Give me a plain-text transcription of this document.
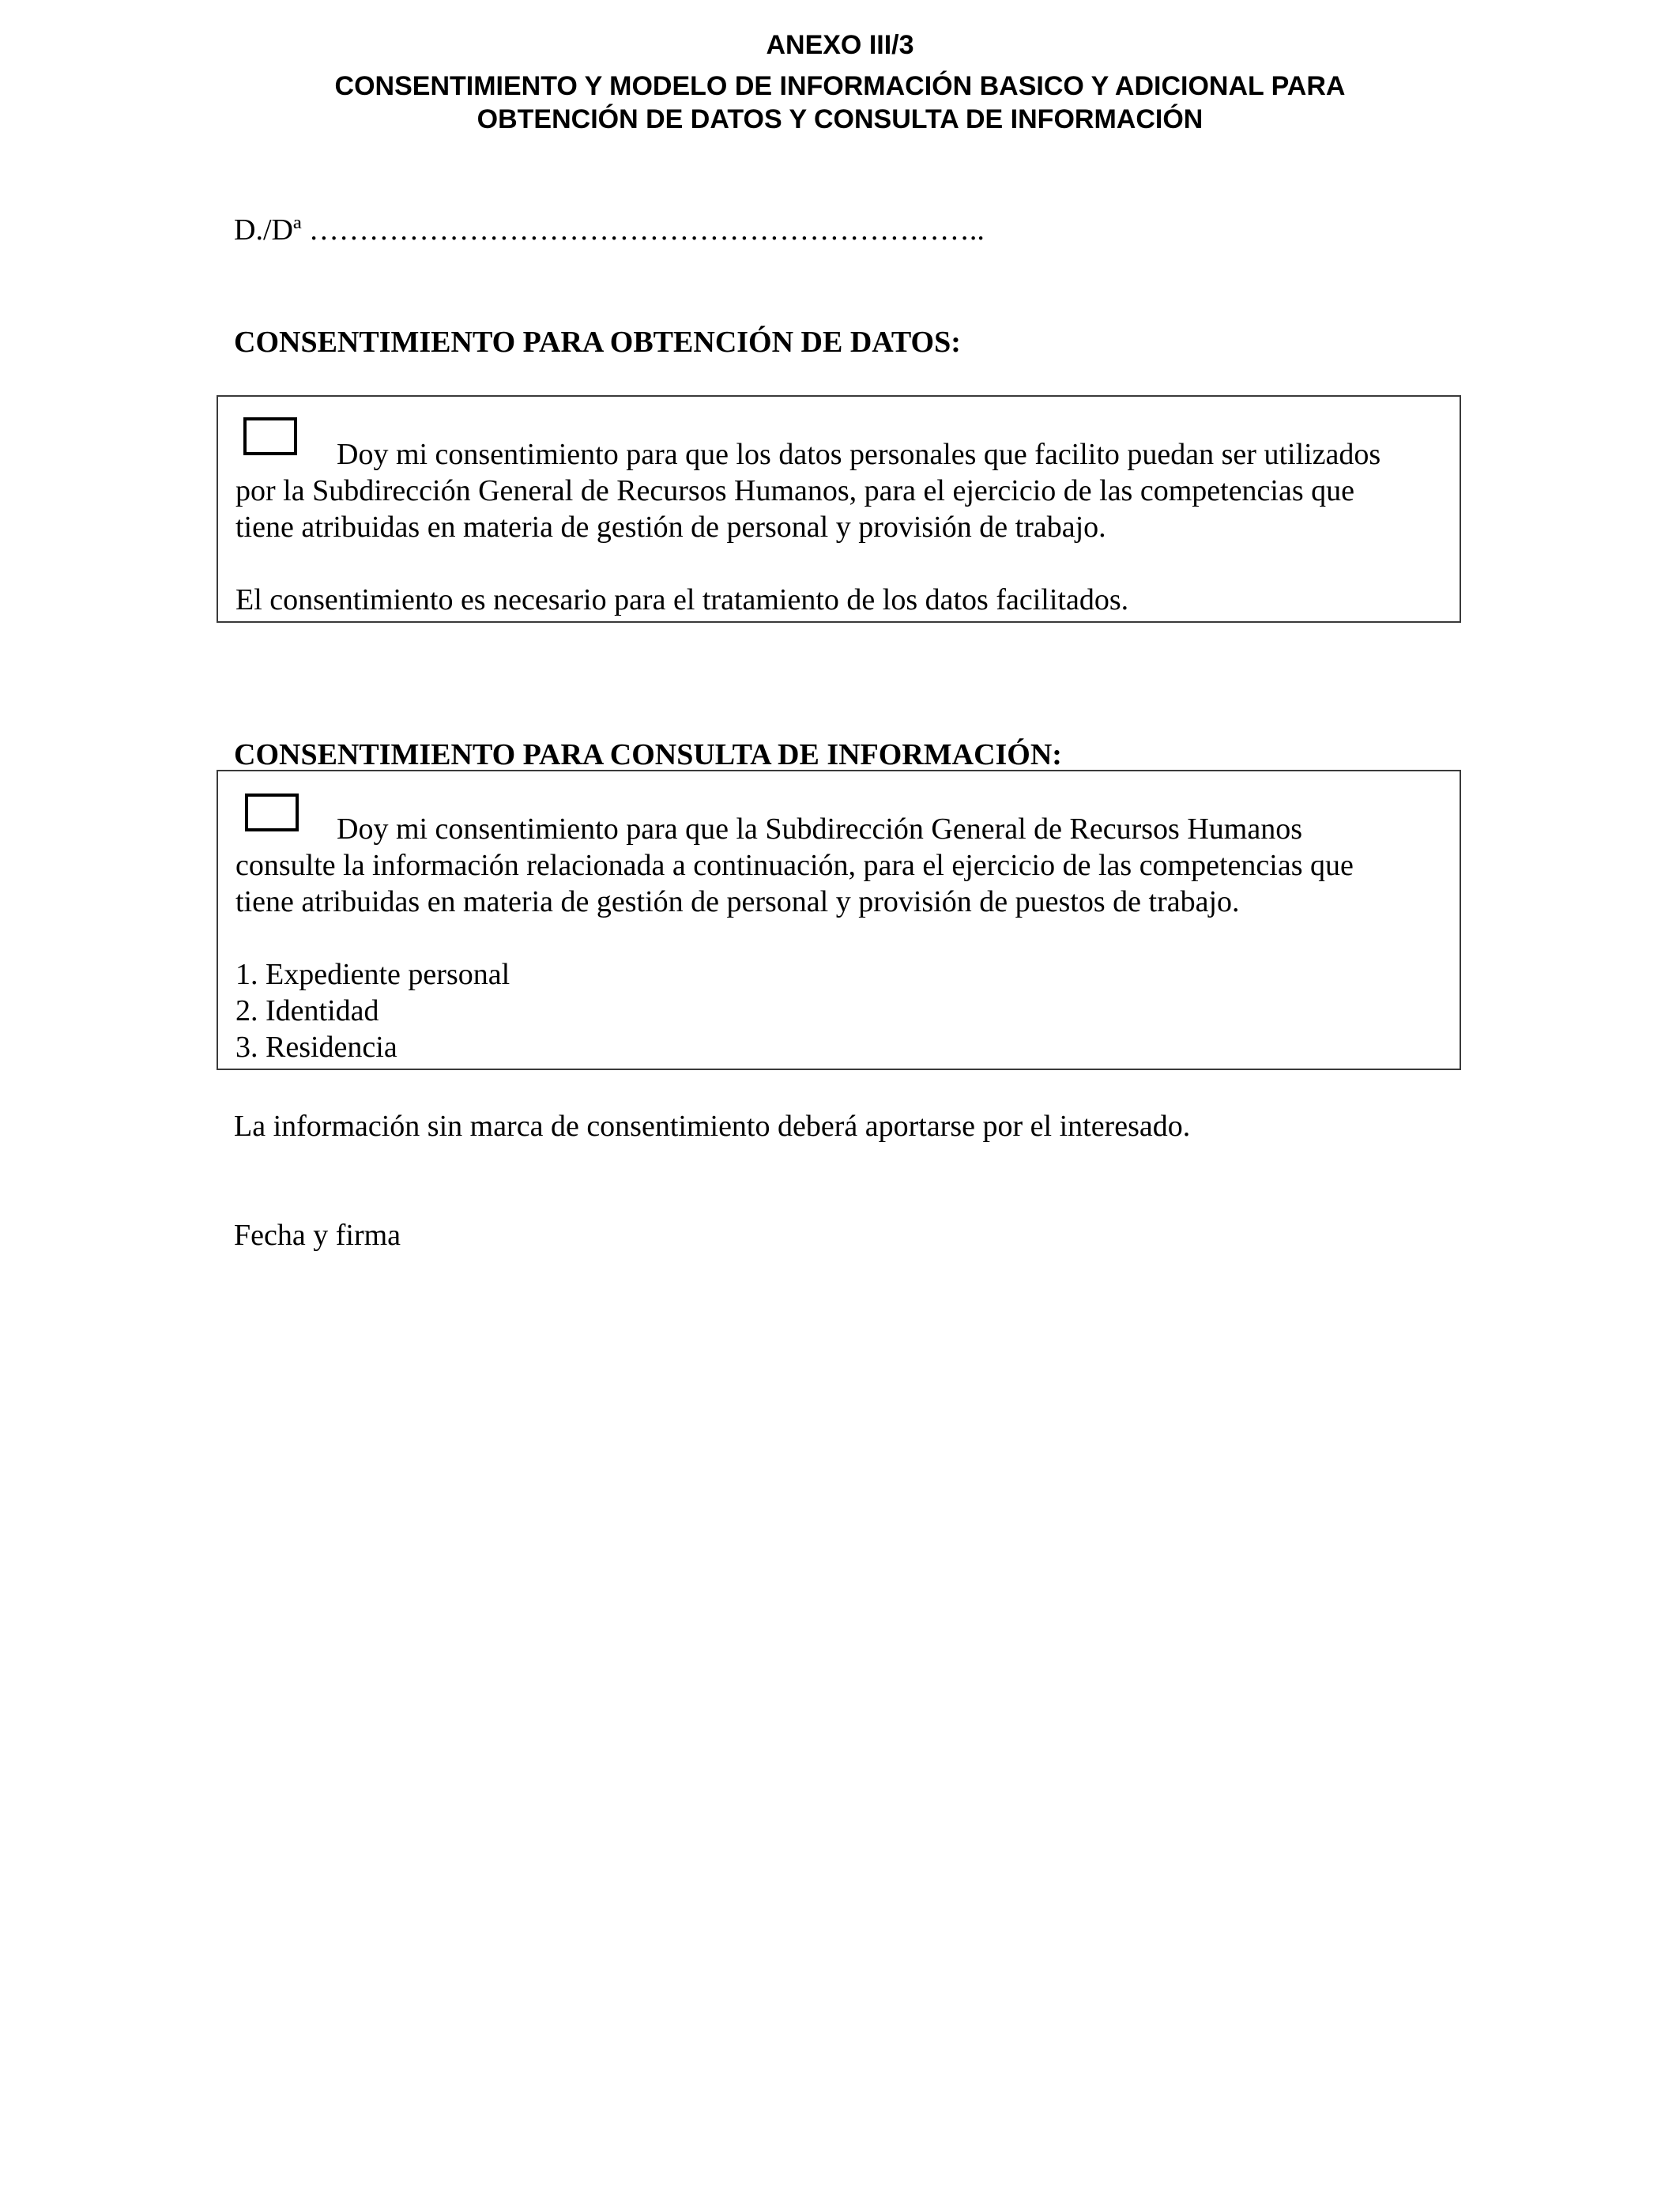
ANEXO III/3
CONSENTIMIENTO Y MODELO DE INFORMACIÓN BASICO Y ADICIONAL PARA
OBTENCIÓN DE DATOS Y CONSULTA DE INFORMACIÓN
D./Dª …………………………………………………………..
CONSENTIMIENTO PARA OBTENCIÓN DE DATOS:

Doy mi consentimiento para que los datos personales que facilito puedan ser utilizados

por la Subdirección General de Recursos Humanos, para el ejercicio de las competencias que

tiene atribuidas en materia de gestión de personal y provisión de trabajo.

El consentimiento es necesario para el tratamiento de los datos facilitados.

CONSENTIMIENTO PARA CONSULTA DE INFORMACIÓN:

Doy mi consentimiento para que la Subdirección General de Recursos Humanos

consulte la información relacionada a continuación, para el ejercicio de las competencias que

tiene atribuidas en materia de gestión de personal y provisión de puestos de trabajo.

1. Expediente personal

2. Identidad

3. Residencia

La información sin marca de consentimiento deberá aportarse por el interesado.
Fecha y firma
